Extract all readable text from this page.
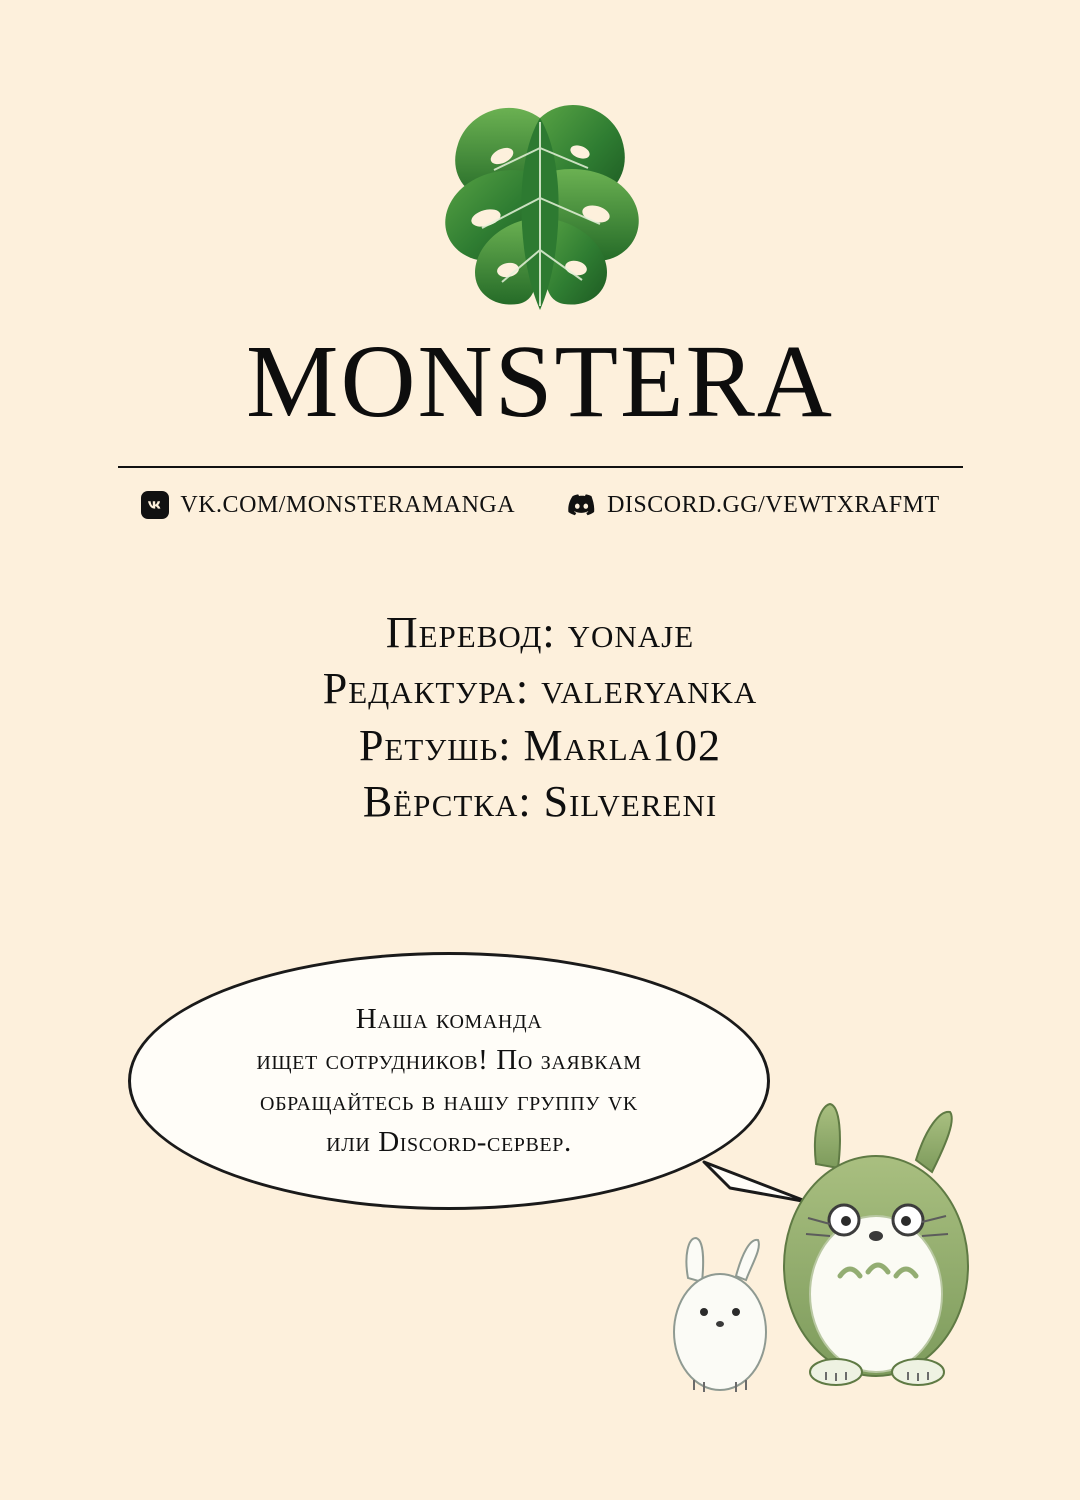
MONSTERA
VK.COM/MONSTERAMANGA	DISCORD.GG/VEWTXRAFMT
Перевод: yonaje
Редактура: valeryanka
Ретушь: Marla102
Вёрстка: Silvereni
Наша команда
ищет сотрудников! По заявкам
обращайтесь в нашу группу vk
или Discord-сервер.
